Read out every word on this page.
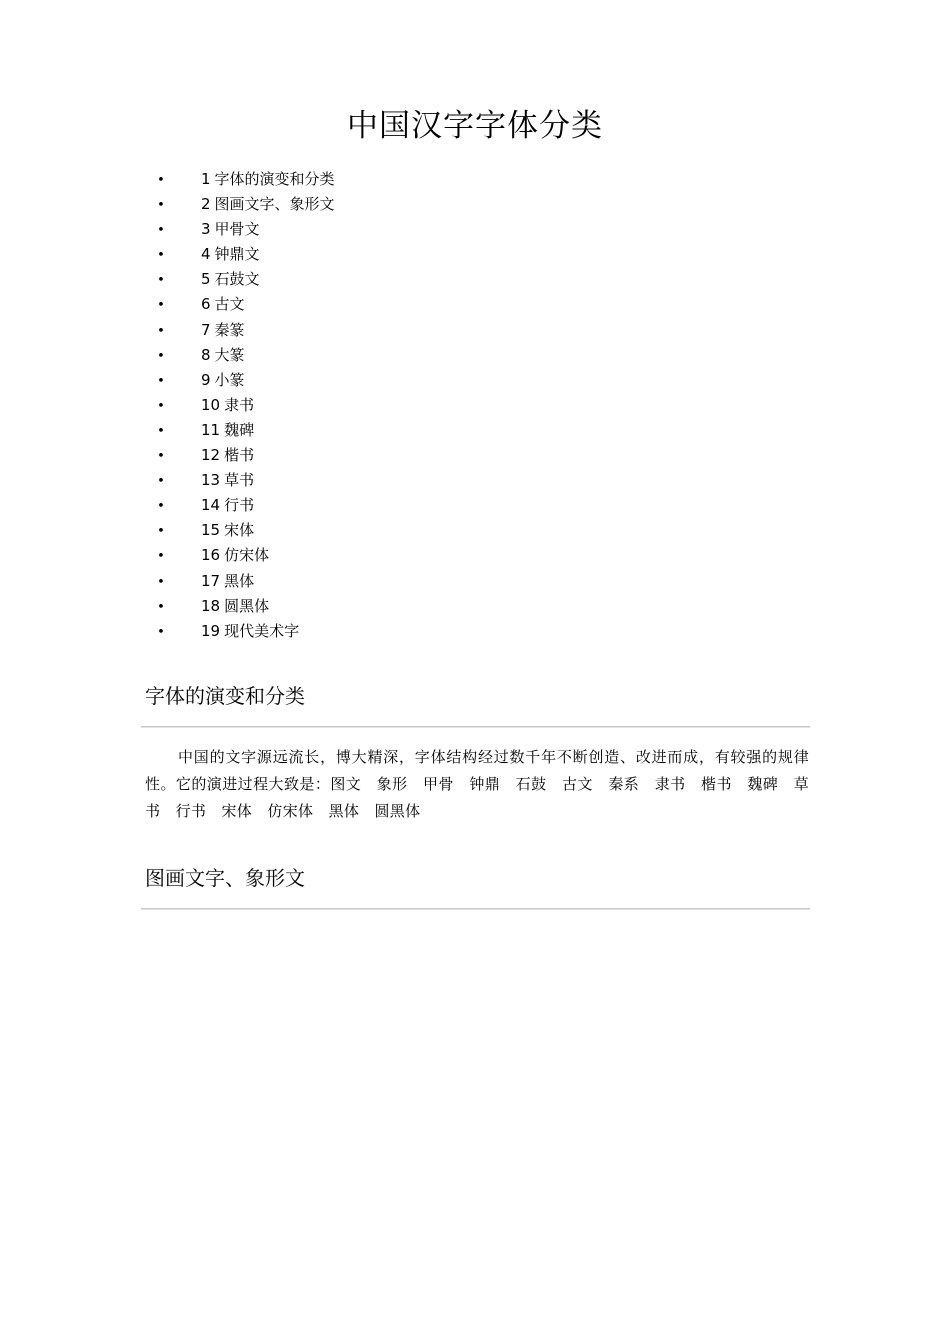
中国汉字字体分类
• 1 字体的演变和分类
• 2 图画文字、象形文
• 3 甲骨文
• 4 钟鼎文
• 5 石鼓文
• 6 古文
• 7 秦篆
• 8 大篆
• 9 小篆
• 10 隶书
• 11 魏碑
• 12 楷书
• 13 草书
• 14 行书
• 15 宋体
• 16 仿宋体
• 17 黑体
• 18 圆黑体
• 19 现代美术字
字体的演变和分类

中国的文字源远流长，博大精深，字体结构经过数千年不断创造、改进而成，有较强的规律性。它的演进过程大致是：图文　象形　甲骨　钟鼎　石鼓　古文　秦系　隶书　楷书　魏碑　草书　行书　宋体　仿宋体　黑体　圆黑体

图画文字、象形文
